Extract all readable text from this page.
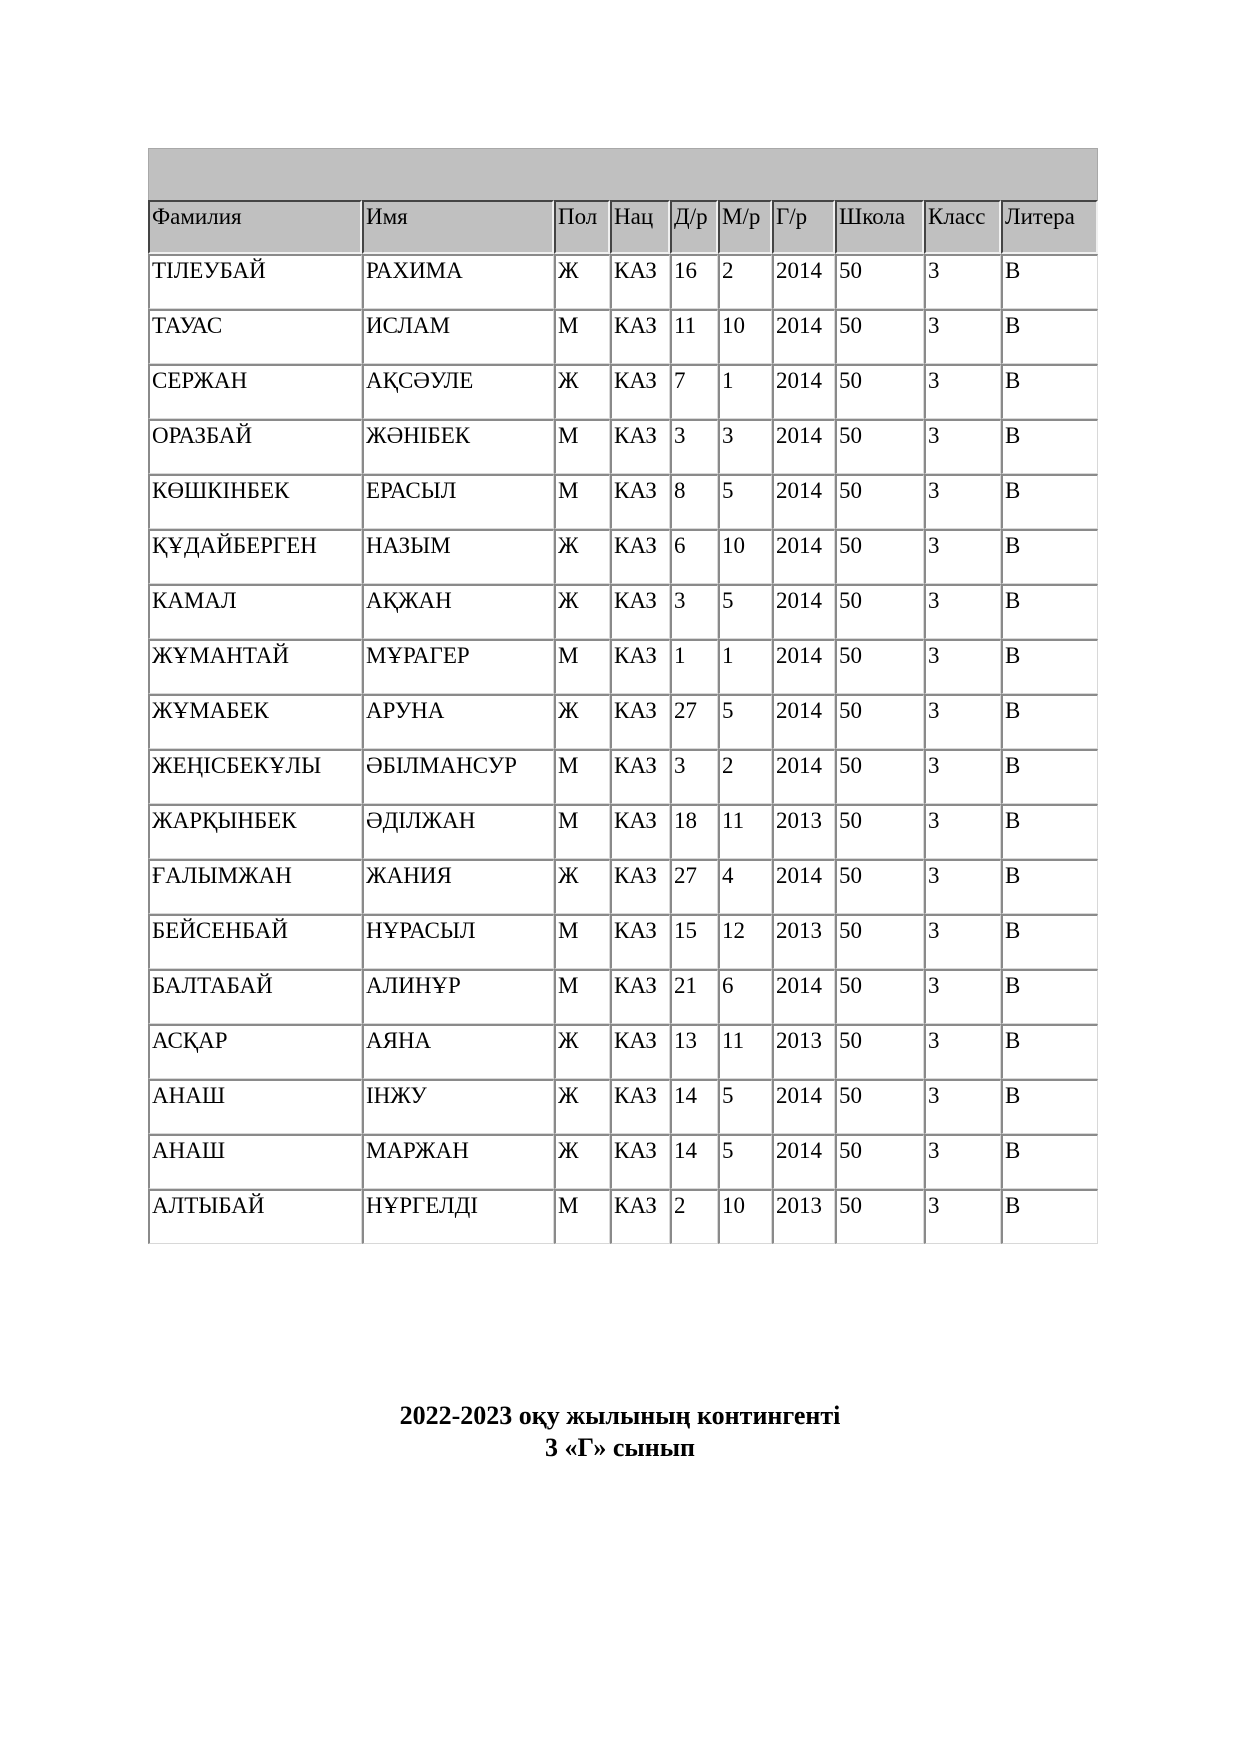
Фамилия	Имя	Пол	Нац	Д/р	М/р	Г/р	Школа	Класс	Литера
ТІЛЕУБАЙ	РАХИМА	Ж	КАЗ	16	2	2014	50	3	В
ТАУАС	ИСЛАМ	М	КАЗ	11	10	2014	50	3	В
СЕРЖАН	АҚСӘУЛЕ	Ж	КАЗ	7	1	2014	50	3	В
ОРАЗБАЙ	ЖӘНІБЕК	М	КАЗ	3	3	2014	50	3	В
КӨШКІНБЕК	ЕРАСЫЛ	М	КАЗ	8	5	2014	50	3	В
ҚҰДАЙБЕРГЕН	НАЗЫМ	Ж	КАЗ	6	10	2014	50	3	В
КАМАЛ	АҚЖАН	Ж	КАЗ	3	5	2014	50	3	В
ЖҰМАНТАЙ	МҰРАГЕР	М	КАЗ	1	1	2014	50	3	В
ЖҰМАБЕК	АРУНА	Ж	КАЗ	27	5	2014	50	3	В
ЖЕҢІСБЕКҰЛЫ	ӘБІЛМАНСУР	М	КАЗ	3	2	2014	50	3	В
ЖАРҚЫНБЕК	ӘДІЛЖАН	М	КАЗ	18	11	2013	50	3	В
ҒАЛЫМЖАН	ЖАНИЯ	Ж	КАЗ	27	4	2014	50	3	В
БЕЙСЕНБАЙ	НҰРАСЫЛ	М	КАЗ	15	12	2013	50	3	В
БАЛТАБАЙ	АЛИНҰР	М	КАЗ	21	6	2014	50	3	В
АСҚАР	АЯНА	Ж	КАЗ	13	11	2013	50	3	В
АНАШ	ІНЖУ	Ж	КАЗ	14	5	2014	50	3	В
АНАШ	МАРЖАН	Ж	КАЗ	14	5	2014	50	3	В
АЛТЫБАЙ	НҰРГЕЛДІ	М	КАЗ	2	10	2013	50	3	В
2022-2023 оқу жылының контингенті
3 «Г» сынып
